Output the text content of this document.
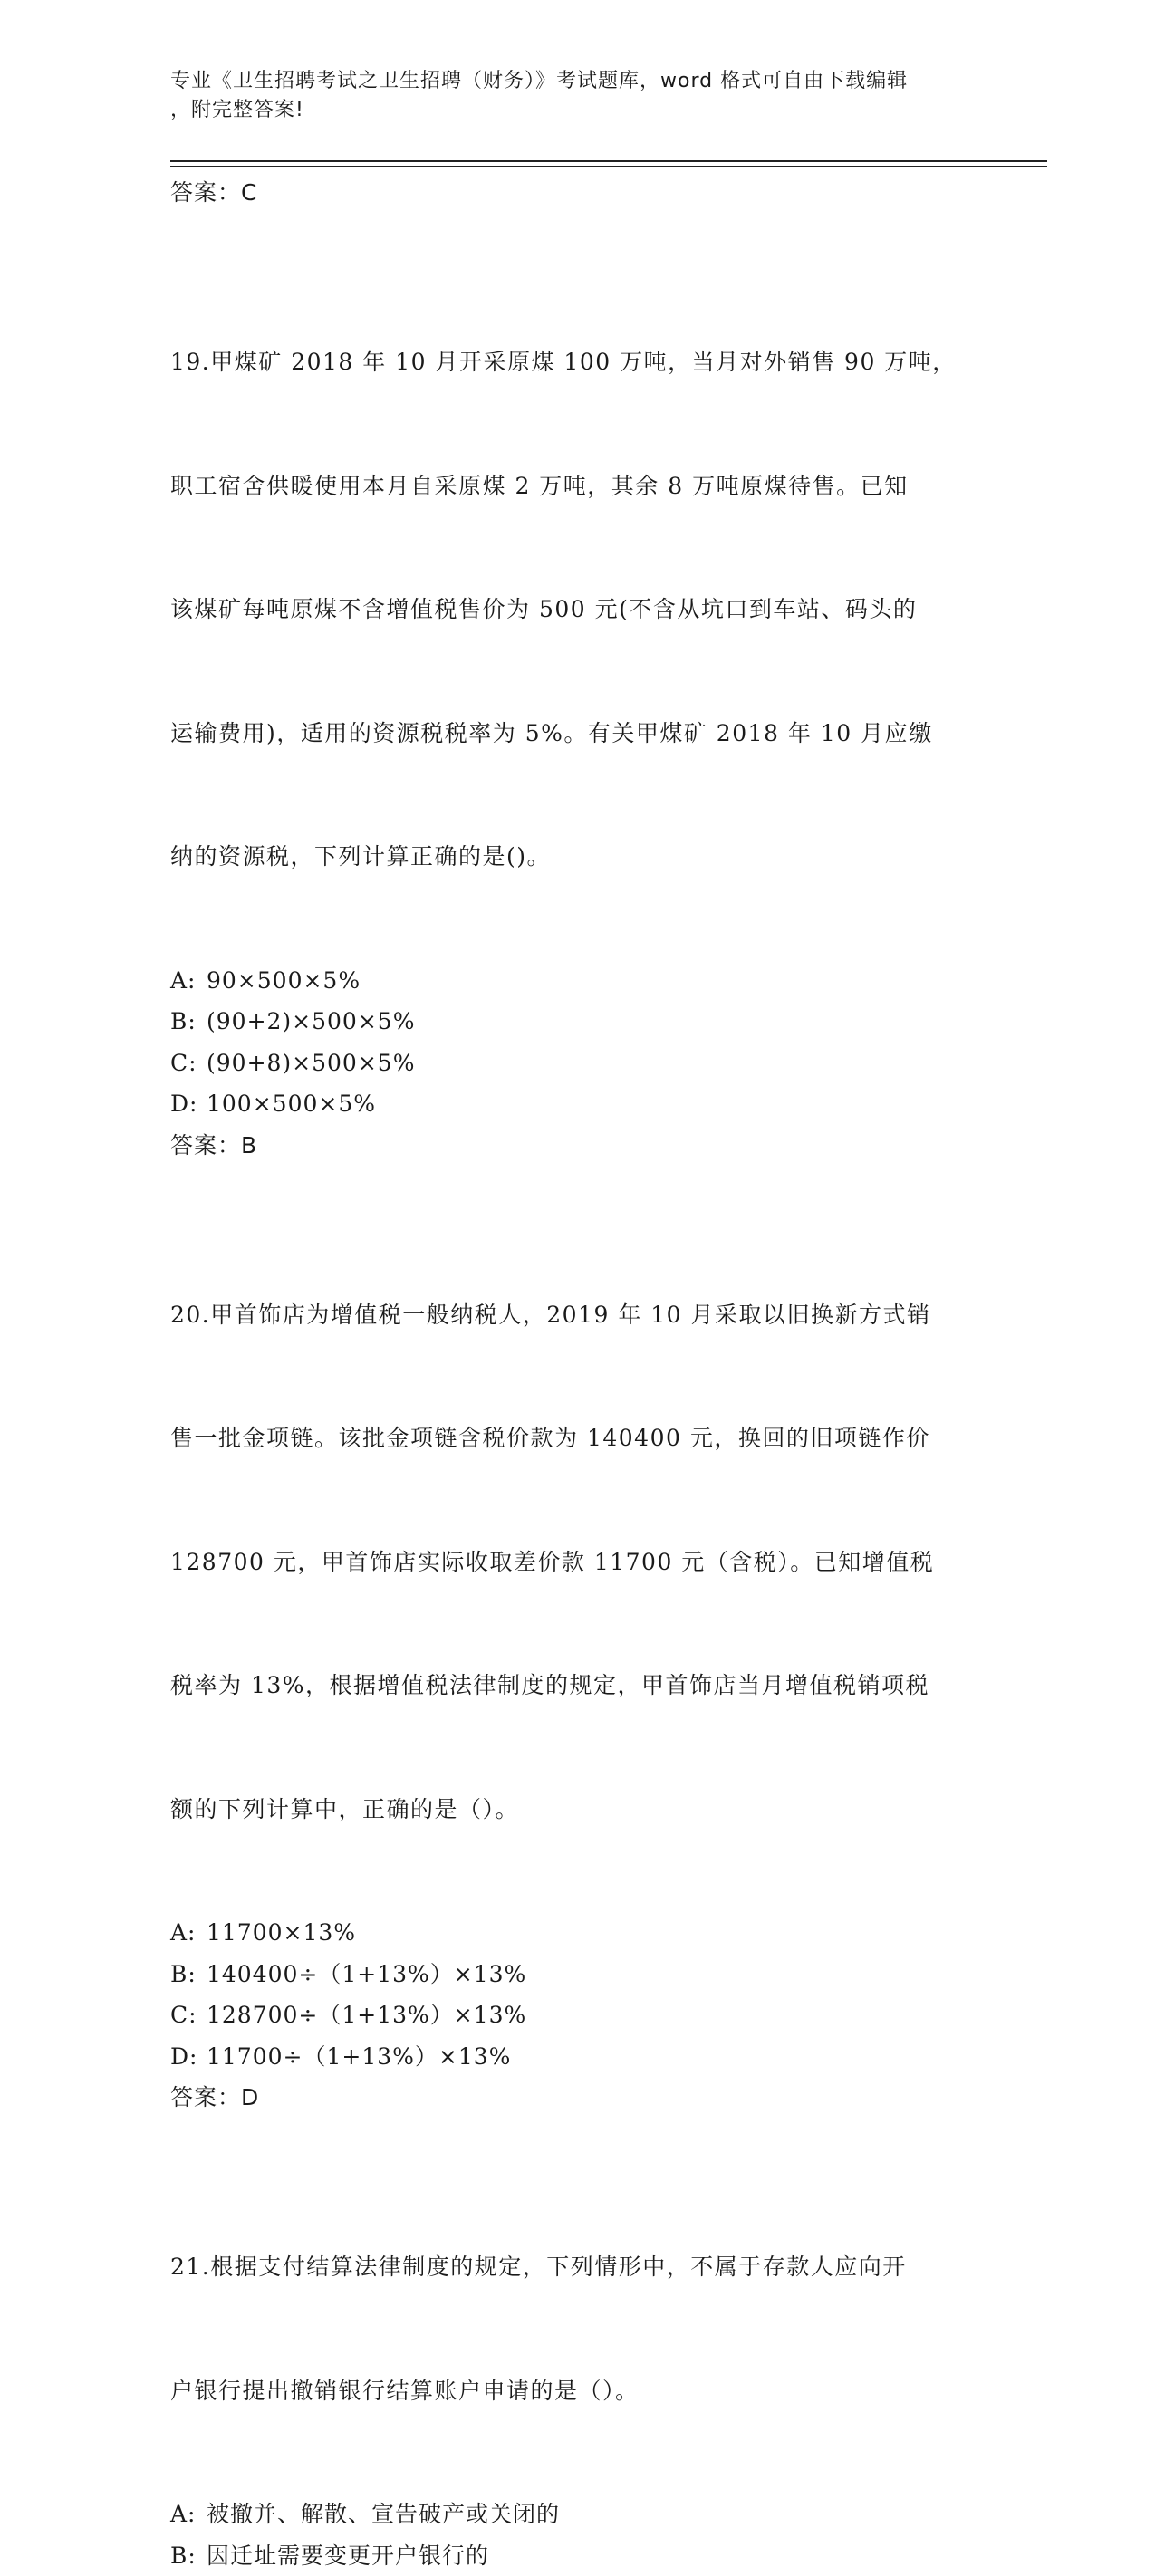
专业《卫生招聘考试之卫生招聘（财务）》考试题库，word 格式可自由下载编辑
，附完整答案!
答案：C

19.甲煤矿 2018 年 10 月开采原煤 100 万吨，当月对外销售 90 万吨，

职工宿舍供暖使用本月自采原煤 2 万吨，其余 8 万吨原煤待售。已知

该煤矿每吨原煤不含增值税售价为 500 元(不含从坑口到车站、码头的

运输费用)，适用的资源税税率为 5%。有关甲煤矿 2018 年 10 月应缴

纳的资源税，下列计算正确的是()。

A: 90×500×5%
B: (90+2)×500×5%
C: (90+8)×500×5%
D: 100×500×5%
答案：B

20.甲首饰店为增值税一般纳税人，2019 年 10 月采取以旧换新方式销

售一批金项链。该批金项链含税价款为 140400 元，换回的旧项链作价

128700 元，甲首饰店实际收取差价款 11700 元（含税）。已知增值税

税率为 13%，根据增值税法律制度的规定，甲首饰店当月增值税销项税

额的下列计算中，正确的是（）。

A: 11700×13%
B: 140400÷（1+13%）×13%
C: 128700÷（1+13%）×13%
D: 11700÷（1+13%）×13%
答案：D

21.根据支付结算法律制度的规定，下列情形中，不属于存款人应向开

户银行提出撤销银行结算账户申请的是（）。

A: 被撤并、解散、宣告破产或关闭的
B: 因迁址需要变更开户银行的
